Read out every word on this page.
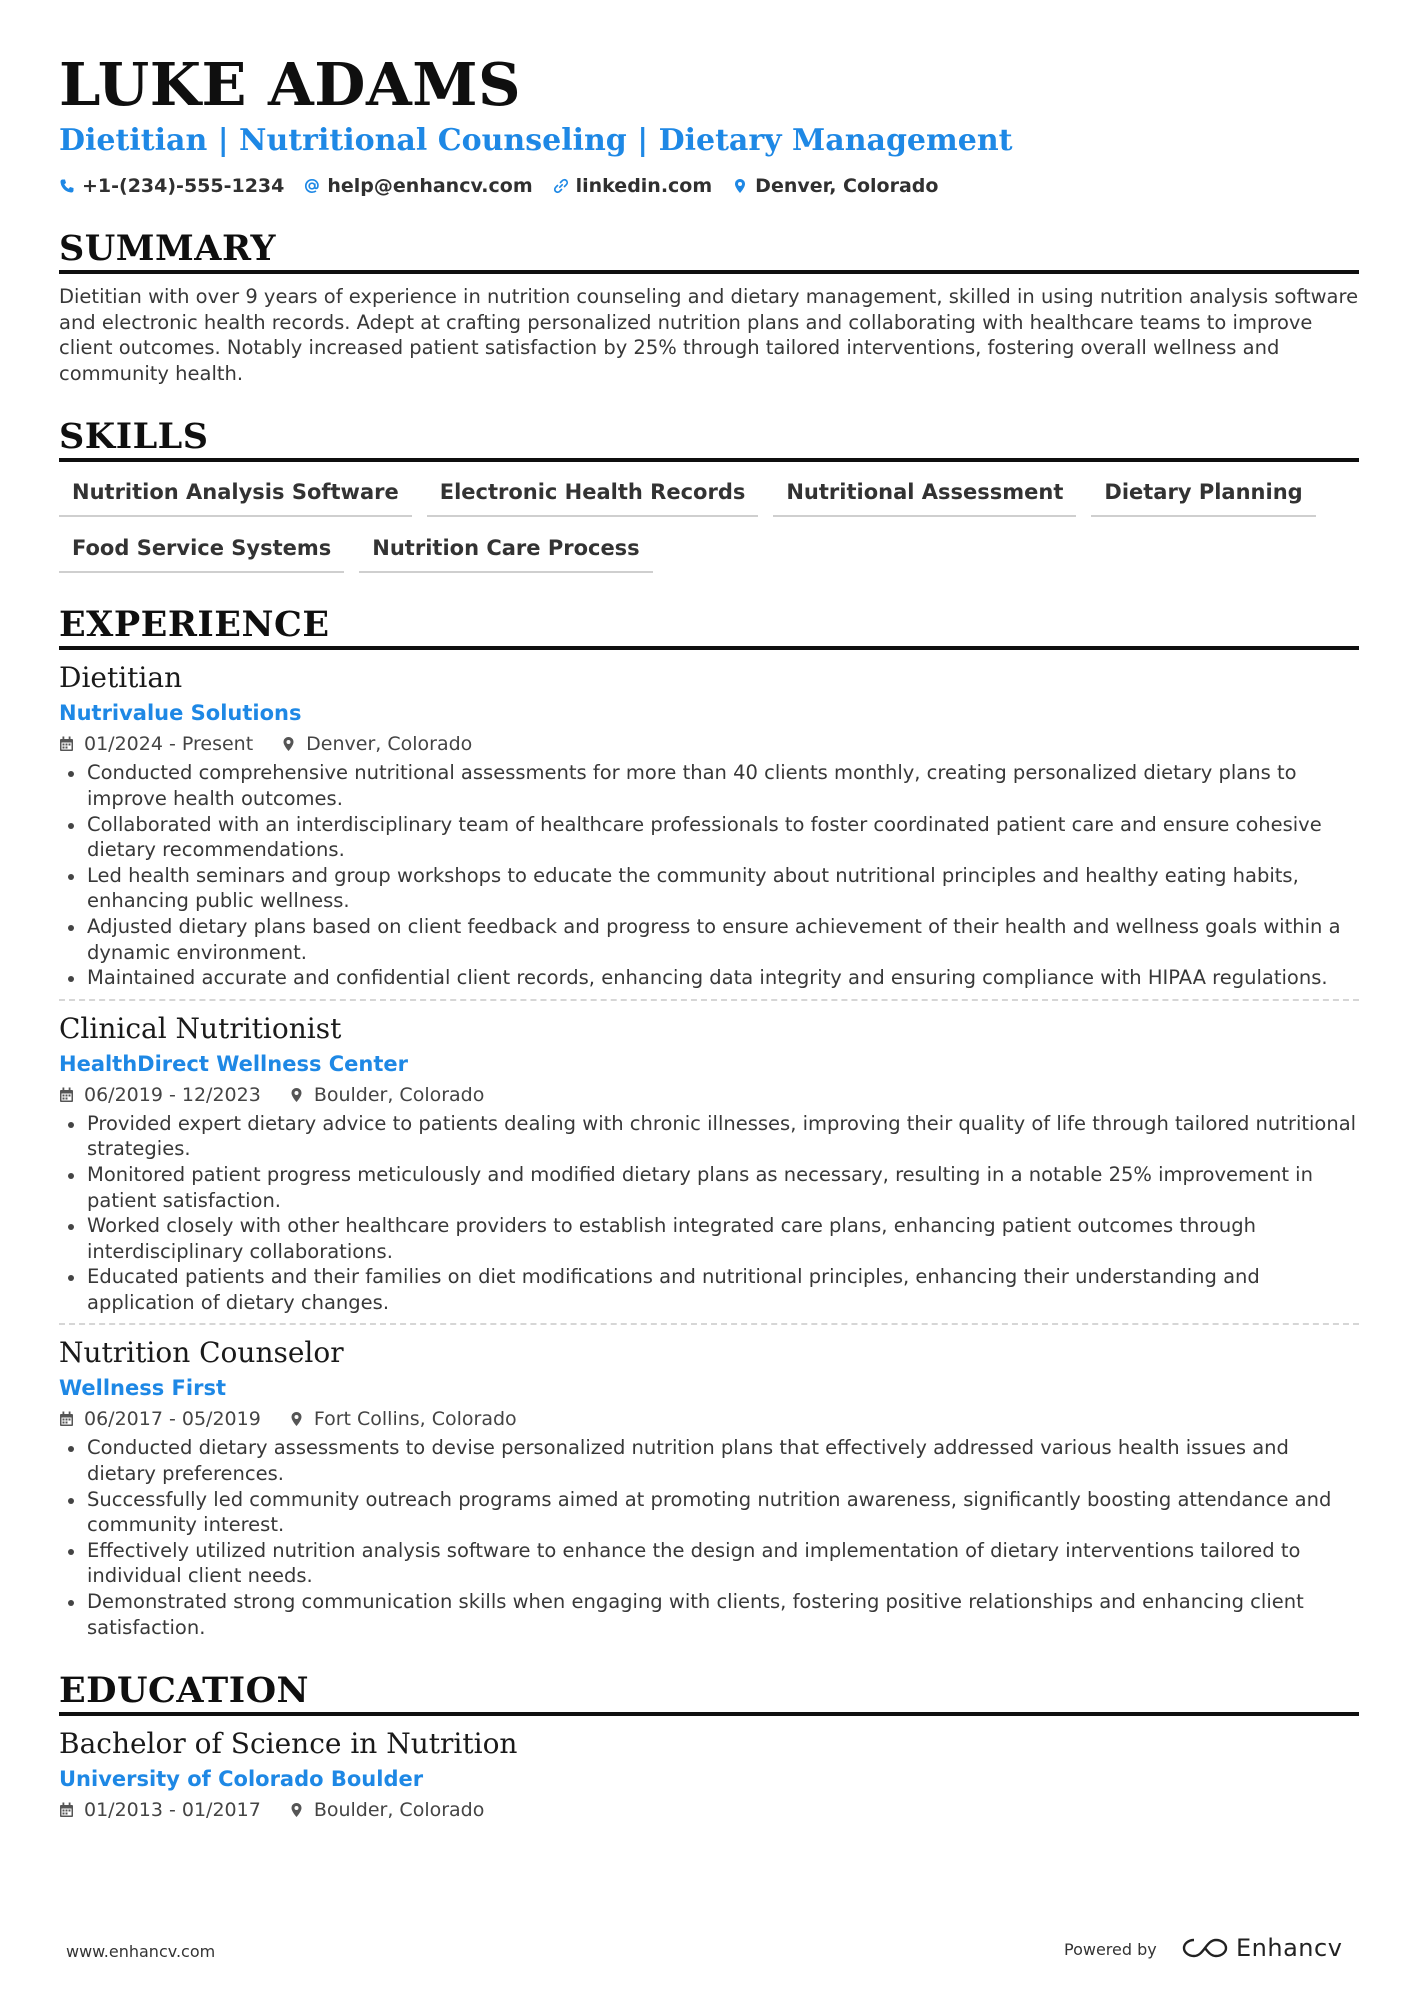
LUKE ADAMS
Dietitian | Nutritional Counseling | Dietary Management
+1-(234)-555-1234 help@enhancv.com linkedin.com Denver, Colorado
SUMMARY
Dietitian with over 9 years of experience in nutrition counseling and dietary management, skilled in using nutrition analysis software and electronic health records. Adept at crafting personalized nutrition plans and collaborating with healthcare teams to improve client outcomes. Notably increased patient satisfaction by 25% through tailored interventions, fostering overall wellness and community health.
SKILLS
Nutrition Analysis Software	Electronic Health Records	Nutritional Assessment	Dietary Planning
Food Service Systems	Nutrition Care Process
EXPERIENCE
Dietitian
Nutrivalue Solutions
01/2024 - Present	Denver, Colorado
Conducted comprehensive nutritional assessments for more than 40 clients monthly, creating personalized dietary plans to improve health outcomes.
Collaborated with an interdisciplinary team of healthcare professionals to foster coordinated patient care and ensure cohesive dietary recommendations.
Led health seminars and group workshops to educate the community about nutritional principles and healthy eating habits, enhancing public wellness.
Adjusted dietary plans based on client feedback and progress to ensure achievement of their health and wellness goals within a dynamic environment.
Maintained accurate and confidential client records, enhancing data integrity and ensuring compliance with HIPAA regulations.
Clinical Nutritionist
HealthDirect Wellness Center
06/2019 - 12/2023	Boulder, Colorado
Provided expert dietary advice to patients dealing with chronic illnesses, improving their quality of life through tailored nutritional strategies.
Monitored patient progress meticulously and modified dietary plans as necessary, resulting in a notable 25% improvement in patient satisfaction.
Worked closely with other healthcare providers to establish integrated care plans, enhancing patient outcomes through interdisciplinary collaborations.
Educated patients and their families on diet modifications and nutritional principles, enhancing their understanding and application of dietary changes.
Nutrition Counselor
Wellness First
06/2017 - 05/2019	Fort Collins, Colorado
Conducted dietary assessments to devise personalized nutrition plans that effectively addressed various health issues and dietary preferences.
Successfully led community outreach programs aimed at promoting nutrition awareness, significantly boosting attendance and community interest.
Effectively utilized nutrition analysis software to enhance the design and implementation of dietary interventions tailored to individual client needs.
Demonstrated strong communication skills when engaging with clients, fostering positive relationships and enhancing client satisfaction.
EDUCATION
Bachelor of Science in Nutrition
University of Colorado Boulder
01/2013 - 01/2017	Boulder, Colorado
www.enhancv.com	Powered by	Enhancv
